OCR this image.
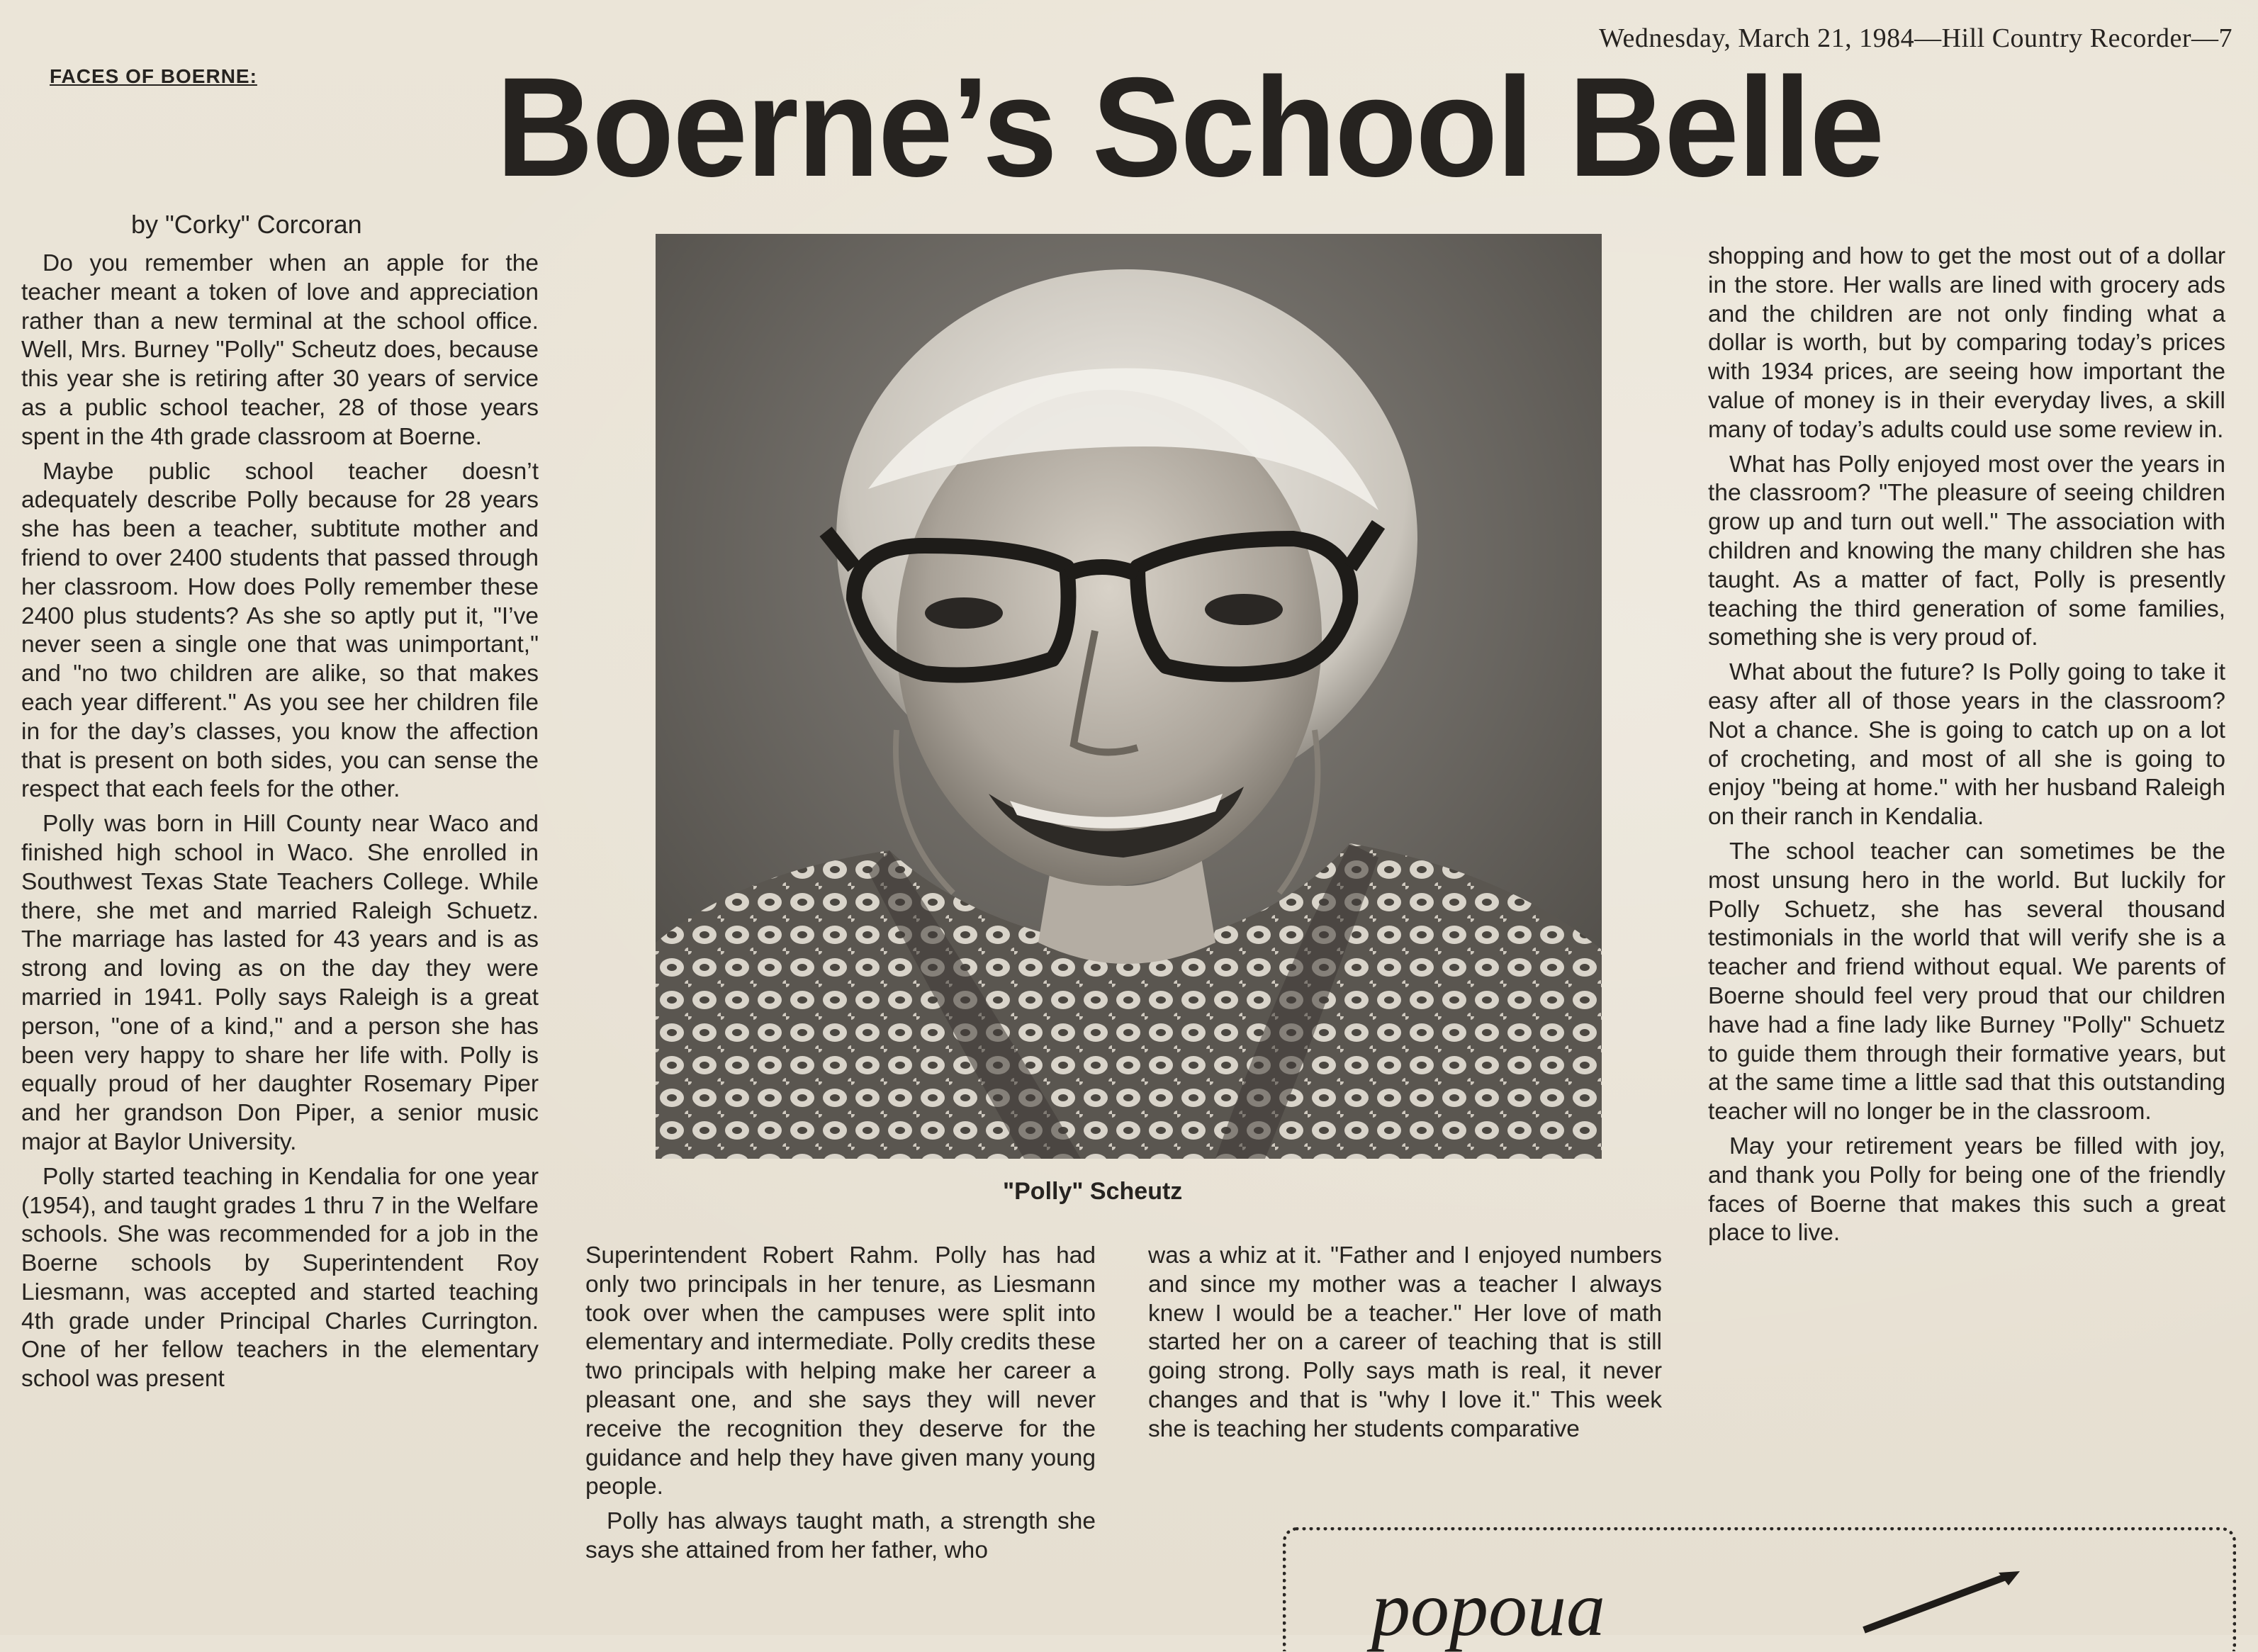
Wednesday, March 21, 1984—Hill Country Recorder—7
FACES OF BOERNE: Boerne’s School Belle
by "Corky" Corcoran

Do you remember when an apple for the teacher meant a token of love and appreciation rather than a new terminal at the school office. Well, Mrs. Burney "Polly" Scheutz does, because this year she is retiring after 30 years of service as a public school teacher, 28 of those years spent in the 4th grade classroom at Boerne.

Maybe public school teacher doesn’t adequately describe Polly because for 28 years she has been a teacher, subtitute mother and friend to over 2400 students that passed through her classroom. How does Polly remember these 2400 plus students? As she so aptly put it, "I’ve never seen a single one that was unimportant," and "no two children are alike, so that makes each year different." As you see her children file in for the day’s classes, you know the affection that is present on both sides, you can sense the respect that each feels for the other.

Polly was born in Hill County near Waco and finished high school in Waco. She enrolled in Southwest Texas State Teachers College. While there, she met and married Raleigh Schuetz. The marriage has lasted for 43 years and is as strong and loving as on the day they were married in 1941. Polly says Raleigh is a great person, "one of a kind," and a person she has been very happy to share her life with. Polly is equally proud of her daughter Rosemary Piper and her grandson Don Piper, a senior music major at Baylor University.

Polly started teaching in Kendalia for one year (1954), and taught grades 1 thru 7 in the Welfare schools. She was recommended for a job in the Boerne schools by Superintendent Roy Liesmann, was accepted and started teaching 4th grade under Principal Charles Currington. One of her fellow teachers in the elementary school was present

"Polly" Scheutz

Superintendent Robert Rahm. Polly has had only two principals in her tenure, as Liesmann took over when the campuses were split into elementary and intermediate. Polly credits these two principals with helping make her career a pleasant one, and she says they will never receive the recognition they deserve for the guidance and help they have given many young people.

Polly has always taught math, a strength she says she attained from her father, who

was a whiz at it. "Father and I enjoyed numbers and since my mother was a teacher I always knew I would be a teacher." Her love of math started her on a career of teaching that is still going strong. Polly says math is real, it never changes and that is "why I love it." This week she is teaching her students comparative

shopping and how to get the most out of a dollar in the store. Her walls are lined with grocery ads and the children are not only finding what a dollar is worth, but by comparing today’s prices with 1934 prices, are seeing how important the value of money is in their everyday lives, a skill many of today’s adults could use some review in.

What has Polly enjoyed most over the years in the classroom? "The pleasure of seeing children grow up and turn out well." The association with children and knowing the many children she has taught. As a matter of fact, Polly is presently teaching the third generation of some families, something she is very proud of.

What about the future? Is Polly going to take it easy after all of those years in the classroom? Not a chance. She is going to catch up on a lot of crocheting, and most of all she is going to enjoy "being at home." with her husband Raleigh on their ranch in Kendalia.

The school teacher can sometimes be the most unsung hero in the world. But luckily for Polly Schuetz, she has several thousand testimonials in the world that will verify she is a teacher and friend without equal. We parents of Boerne should feel very proud that our children have had a fine lady like Burney "Polly" Schuetz to guide them through their formative years, but at the same time a little sad that this outstanding teacher will no longer be in the classroom.

May your retirement years be filled with joy, and thank you Polly for being one of the friendly faces of Boerne that makes this such a great place to live.

popoua
